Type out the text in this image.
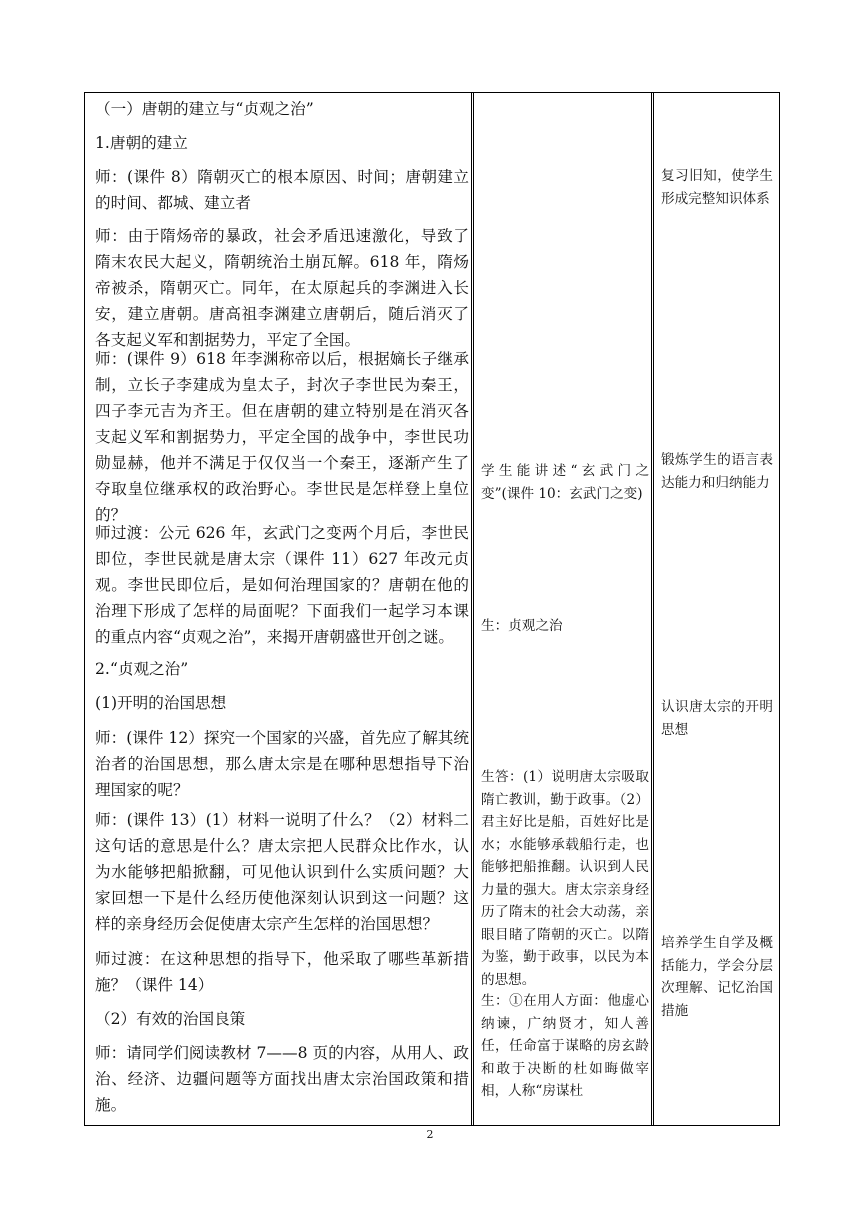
（一）唐朝的建立与“贞观之治”

1.唐朝的建立

师：(课件 8）隋朝灭亡的根本原因、时间；唐朝建立的时间、都城、建立者

师：由于隋炀帝的暴政，社会矛盾迅速激化，导致了隋末农民大起义，隋朝统治土崩瓦解。618 年，隋炀帝被杀，隋朝灭亡。同年，在太原起兵的李渊进入长安，建立唐朝。唐高祖李渊建立唐朝后，随后消灭了各支起义军和割据势力，平定了全国。

师：(课件 9）618 年李渊称帝以后，根据嫡长子继承制，立长子李建成为皇太子，封次子李世民为秦王，四子李元吉为齐王。但在唐朝的建立特别是在消灭各支起义军和割据势力，平定全国的战争中，李世民功勋显赫，他并不满足于仅仅当一个秦王，逐渐产生了夺取皇位继承权的政治野心。李世民是怎样登上皇位的？

师过渡：公元 626 年，玄武门之变两个月后，李世民即位，李世民就是唐太宗（课件 11）627 年改元贞观。李世民即位后，是如何治理国家的？唐朝在他的治理下形成了怎样的局面呢？下面我们一起学习本课的重点内容“贞观之治”，来揭开唐朝盛世开创之谜。

2.“贞观之治”

(1)开明的治国思想

师：(课件 12）探究一个国家的兴盛，首先应了解其统治者的治国思想，那么唐太宗是在哪种思想指导下治理国家的呢？

师：(课件 13）(1）材料一说明了什么？（2）材料二这句话的意思是什么？唐太宗把人民群众比作水，认为水能够把船掀翻，可见他认识到什么实质问题？大家回想一下是什么经历使他深刻认识到这一问题？这样的亲身经历会促使唐太宗产生怎样的治国思想？

师过渡：在这种思想的指导下，他采取了哪些革新措施？（课件 14）

（2）有效的治国良策

师：请同学们阅读教材 7——8 页的内容，从用人、政治、经济、边疆问题等方面找出唐太宗治国政策和措施。

学生能讲述“玄武门之变”(课件 10：玄武门之变)

生：贞观之治

生答：(1）说明唐太宗吸取隋亡教训，勤于政事。（2）君主好比是船，百姓好比是水；水能够承载船行走，也能够把船推翻。认识到人民力量的强大。唐太宗亲身经历了隋末的社会大动荡，亲眼目睹了隋朝的灭亡。以隋为鉴，勤于政事，以民为本的思想。

生：①在用人方面：他虚心纳谏，广纳贤才，知人善任，任命富于谋略的房玄龄和敢于决断的杜如晦做宰相，人称“房谋杜

复习旧知，使学生形成完整知识体系

锻炼学生的语言表达能力和归纳能力

认识唐太宗的开明思想

培养学生自学及概括能力，学会分层次理解、记忆治国措施

2
